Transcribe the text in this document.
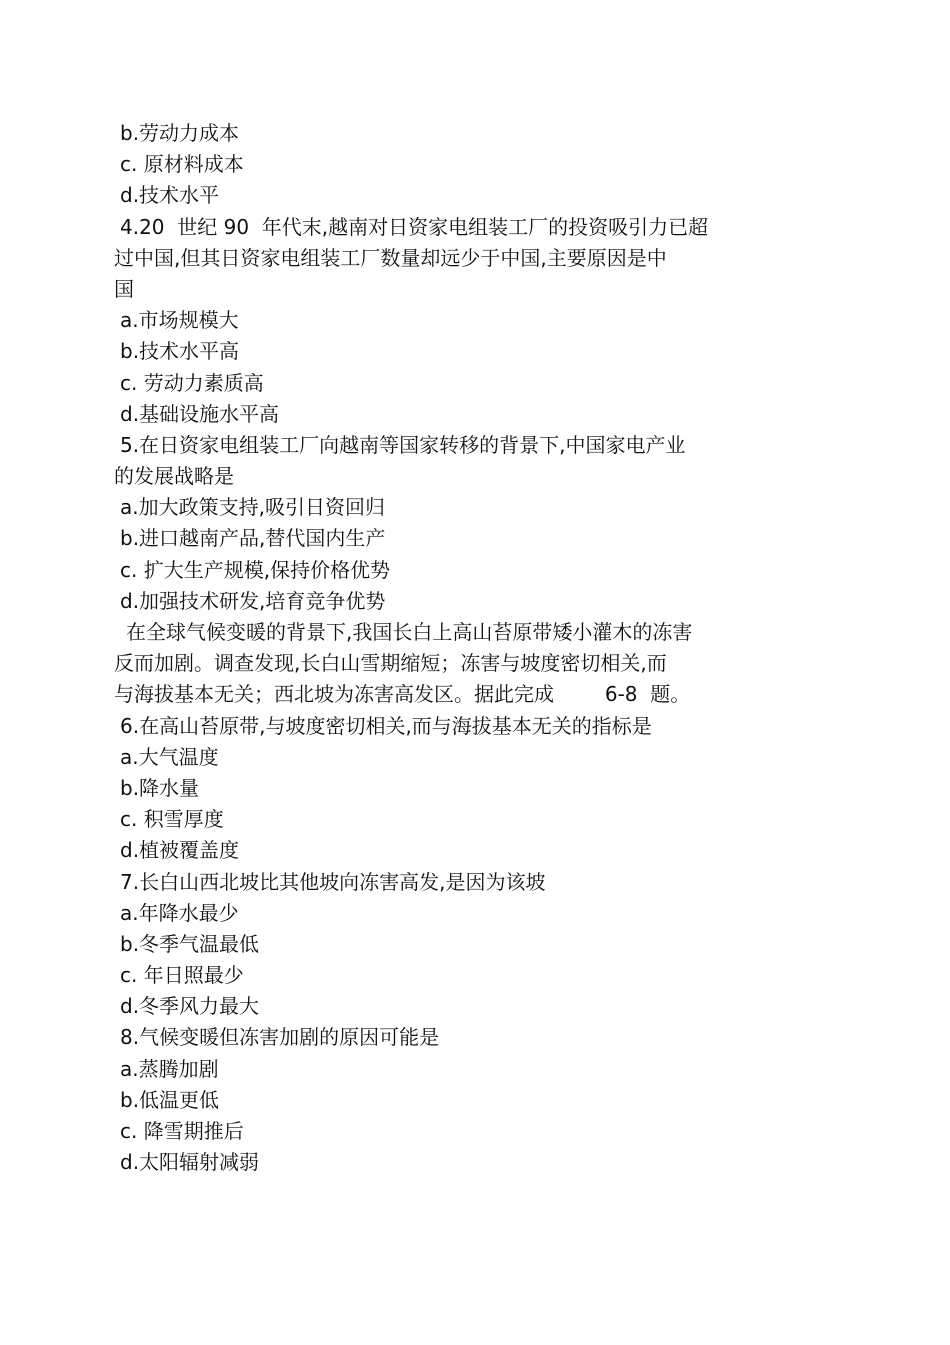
b.劳动力成本
c. 原材料成本
d.技术水平
4.20  世纪 90  年代末,越南对日资家电组装工厂的投资吸引力已超
过中国,但其日资家电组装工厂数量却远少于中国,主要原因是中
国
a.市场规模大
b.技术水平高
c. 劳动力素质高
d.基础设施水平高
5.在日资家电组装工厂向越南等国家转移的背景下,中国家电产业
的发展战略是
a.加大政策支持,吸引日资回归
b.进口越南产品,替代国内生产
c. 扩大生产规模,保持价格优势
d.加强技术研发,培育竞争优势
在全球气候变暖的背景下,我国长白上高山苔原带矮小灌木的冻害
反而加剧。调查发现,长白山雪期缩短；冻害与坡度密切相关,而
与海拔基本无关；西北坡为冻害高发区。据此完成        6-8  题。
6.在高山苔原带,与坡度密切相关,而与海拔基本无关的指标是
a.大气温度
b.降水量
c. 积雪厚度
d.植被覆盖度
7.长白山西北坡比其他坡向冻害高发,是因为该坡
a.年降水最少
b.冬季气温最低
c. 年日照最少
d.冬季风力最大
8.气候变暖但冻害加剧的原因可能是
a.蒸腾加剧
b.低温更低
c. 降雪期推后
d.太阳辐射减弱
